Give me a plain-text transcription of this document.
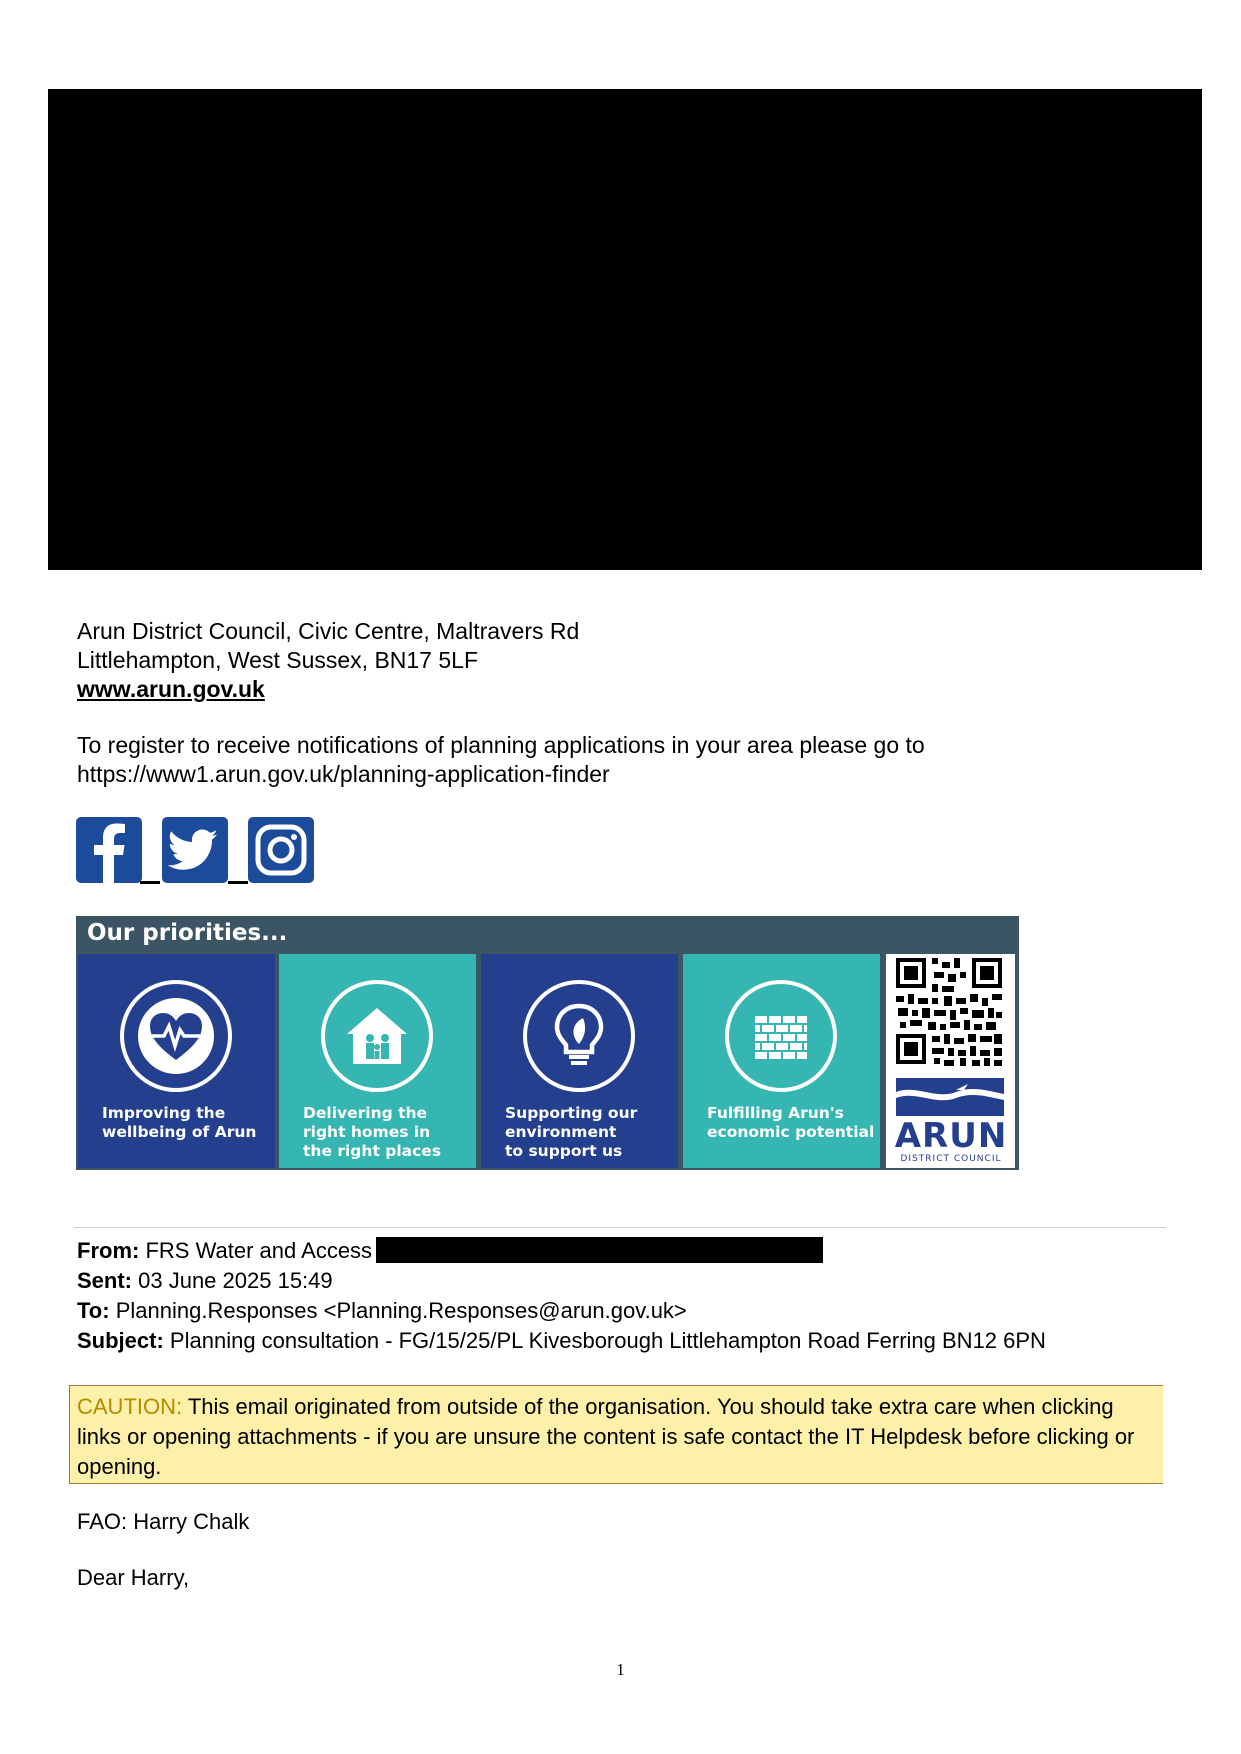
Arun District Council, Civic Centre, Maltravers Rd
Littlehampton, West Sussex, BN17 5LF
www.arun.gov.uk
To register to receive notifications of planning applications in your area please go to
https://www1.arun.gov.uk/planning-application-finder
Our priorities...
Improving the
wellbeing of Arun
Delivering the
right homes in
the right places
Supporting our
environment
to support us
Fulfilling Arun's
economic potential ARUN
DISTRICT COUNCIL
From: FRS Water and Access
Sent: 03 June 2025 15:49
To: Planning.Responses <Planning.Responses@arun.gov.uk>
Subject: Planning consultation - FG/15/25/PL Kivesborough Littlehampton Road Ferring BN12 6PN
CAUTION: This email originated from outside of the organisation. You should take extra care when clicking links or opening attachments - if you are unsure the content is safe contact the IT Helpdesk before clicking or opening.
FAO: Harry Chalk
Dear Harry,
1
